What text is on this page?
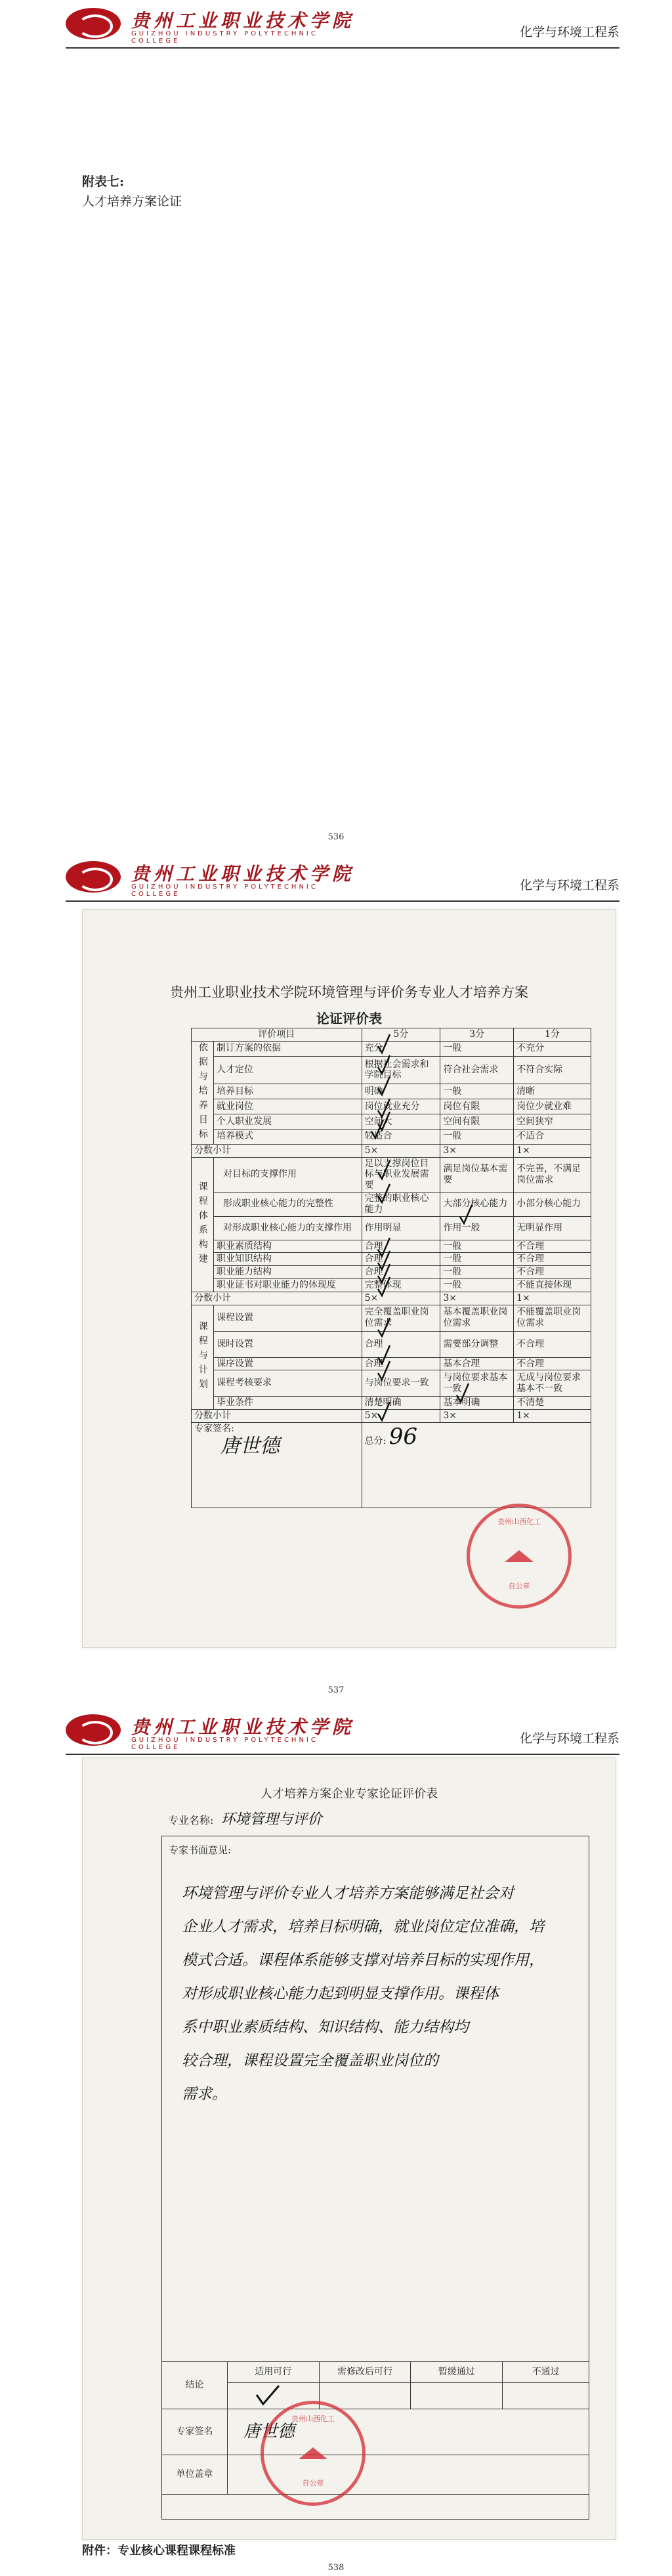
贵州工业职业技术学院
GUIZHOU INDUSTRY POLYTECHNIC COLLEGE
化学与环境工程系
附表七:
人才培养方案论证
536
贵州工业职业技术学院
GUIZHOU INDUSTRY POLYTECHNIC COLLEGE
化学与环境工程系
贵州工业职业技术学院环境管理与评价务专业人才培养方案
论证评价表
评价项目		5分	3分	1分
依据与培养目标	制订方案的依据	充分	一般	不充分
	人才定位	根据社会需求和学院目标	符合社会需求	不符合实际
	培养目标	明确	一般	清晰
	就业岗位	岗位就业充分	岗位有限	岗位少就业难
	个人职业发展	空间大	空间有限	空间狭窄
	培养模式	较适合	一般	不适合
分数小计		5×	3×	1×
课程体系构建	对目标的支撑作用	足以支撑岗位目标与职业发展需要	满足岗位基本需要	不完善，不满足岗位需求
	形成职业核心能力的完整性	完整的职业核心能力	大部分核心能力	小部分核心能力
	对形成职业核心能力的支撑作用	作用明显	作用一般	无明显作用
	职业素质结构	合理	一般	不合理
	职业知识结构	合理	一般	不合理
	职业能力结构	合理	一般	不合理
	职业证书对职业能力的体现度	完整体现	一般	不能直接体现
分数小计		5×	3×	1×
课程与计划	课程设置	完全覆盖职业岗位需求	基本覆盖职业岗位需求	不能覆盖职业岗位需求
	课时设置	合理	需要部分调整	不合理
	课序设置	合理	基本合理	不合理
	课程考核要求	与岗位要求一致	与岗位要求基本一致	无成与岗位要求基本不一致
	毕业条件	清楚明确	基本明确	不清楚
分数小计		5×	3×	1×
专家签名:
唐世德		总分: 96		
贵州山西化工
自公章
537
贵州工业职业技术学院
GUIZHOU INDUSTRY POLYTECHNIC COLLEGE
化学与环境工程系
人才培养方案企业专家论证评价表
专业名称: 环境管理与评价
专家书面意见:
环境管理与评价专业人才培养方案能够满足社会对
企业人才需求，培养目标明确，就业岗位定位准确，培
模式合适。课程体系能够支撑对培养目标的实现作用，
对形成职业核心能力起到明显支撑作用。课程体
系中职业素质结构、知识结构、能力结构均
较合理，课程设置完全覆盖职业岗位的
需求。
结论	适用可行	需修改后可行	暂缓通过	不通过

专家签名	唐世德			
单位盖章				
贵州山西化工
自公章
附件：专业核心课程课程标准
538
